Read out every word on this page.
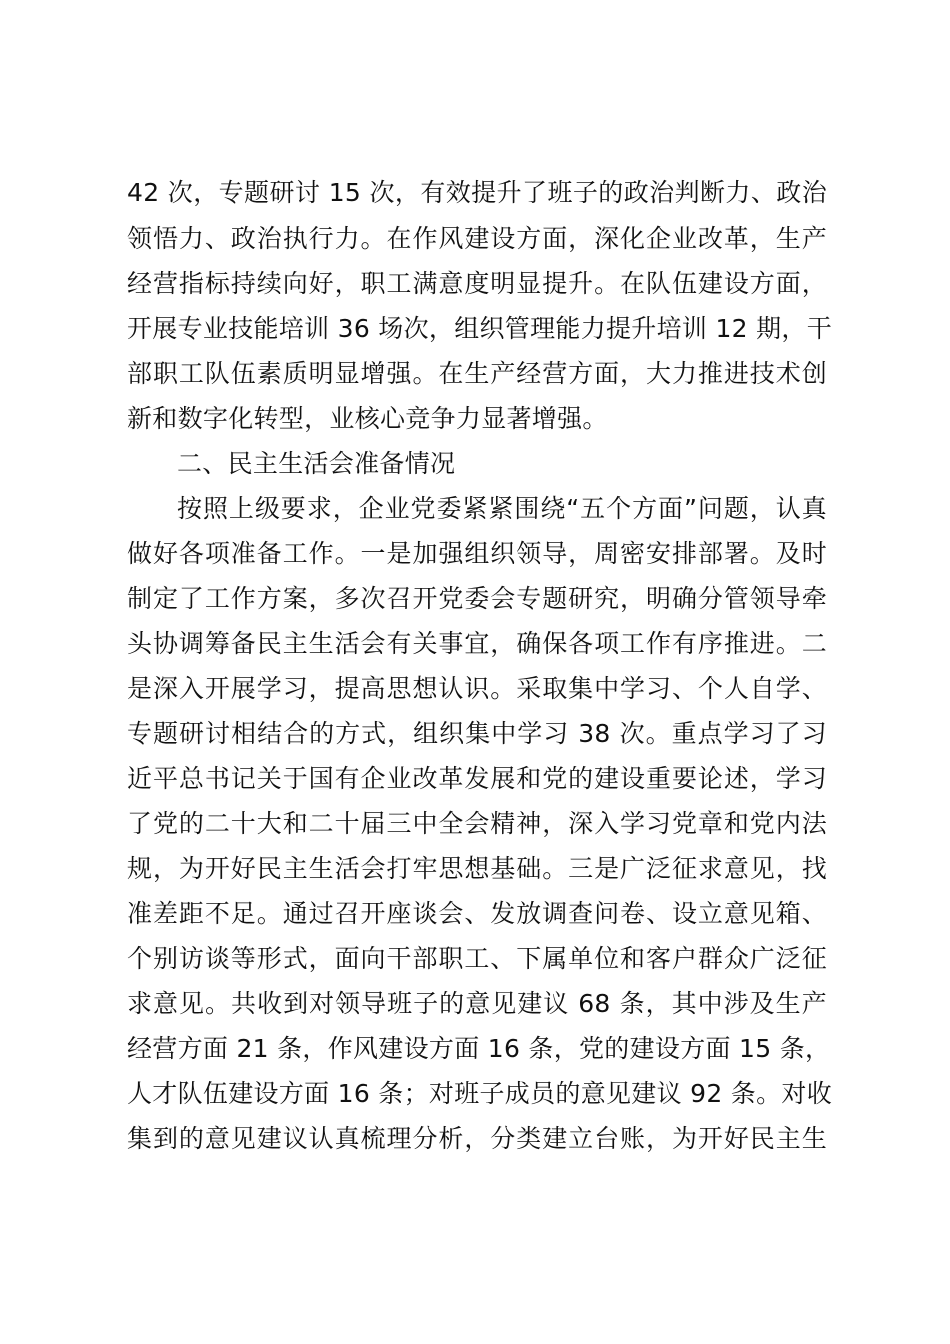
42 次，专题研讨 15 次，有效提升了班子的政治判断力、政治
领悟力、政治执行力。在作风建设方面，深化企业改革，生产
经营指标持续向好，职工满意度明显提升。在队伍建设方面，
开展专业技能培训 36 场次，组织管理能力提升培训 12 期，干
部职工队伍素质明显增强。在生产经营方面，大力推进技术创
新和数字化转型，业核心竞争力显著增强。
二、民主生活会准备情况
按照上级要求，企业党委紧紧围绕“五个方面”问题，认真
做好各项准备工作。一是加强组织领导，周密安排部署。及时
制定了工作方案，多次召开党委会专题研究，明确分管领导牵
头协调筹备民主生活会有关事宜，确保各项工作有序推进。二
是深入开展学习，提高思想认识。采取集中学习、个人自学、
专题研讨相结合的方式，组织集中学习 38 次。重点学习了习
近平总书记关于国有企业改革发展和党的建设重要论述，学习
了党的二十大和二十届三中全会精神，深入学习党章和党内法
规，为开好民主生活会打牢思想基础。三是广泛征求意见，找
准差距不足。通过召开座谈会、发放调查问卷、设立意见箱、
个别访谈等形式，面向干部职工、下属单位和客户群众广泛征
求意见。共收到对领导班子的意见建议 68 条，其中涉及生产
经营方面 21 条，作风建设方面 16 条，党的建设方面 15 条，
人才队伍建设方面 16 条；对班子成员的意见建议 92 条。对收
集到的意见建议认真梳理分析，分类建立台账，为开好民主生
